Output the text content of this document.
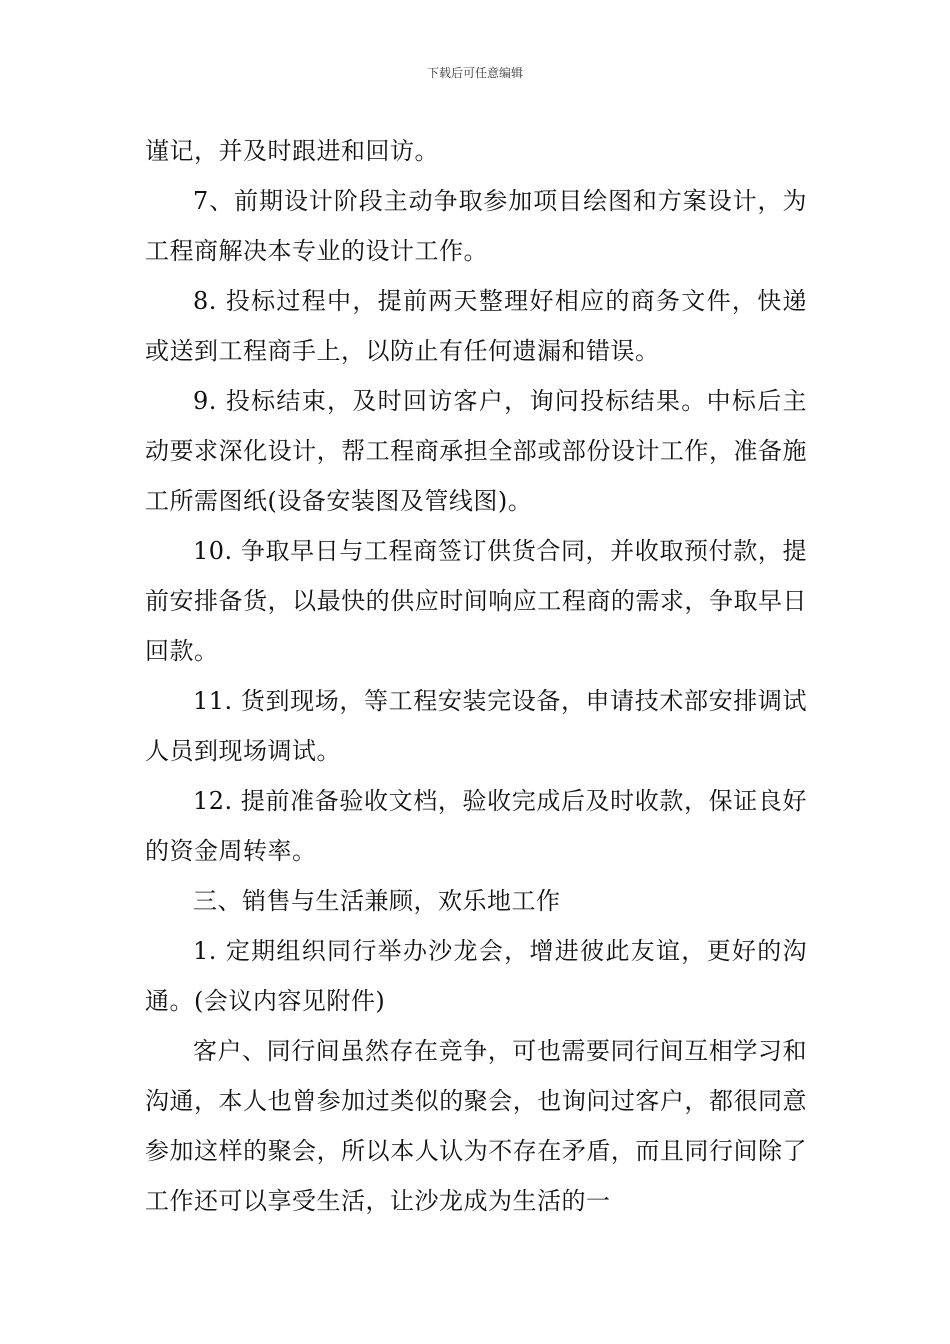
下载后可任意编辑

谨记，并及时跟进和回访。

7、前期设计阶段主动争取参加项目绘图和方案设计，为工程商解决本专业的设计工作。

8. 投标过程中，提前两天整理好相应的商务文件，快递或送到工程商手上，以防止有任何遗漏和错误。

9. 投标结束，及时回访客户，询问投标结果。中标后主动要求深化设计，帮工程商承担全部或部份设计工作，准备施工所需图纸(设备安装图及管线图)。

10. 争取早日与工程商签订供货合同，并收取预付款，提前安排备货，以最快的供应时间响应工程商的需求，争取早日回款。

11. 货到现场，等工程安装完设备，申请技术部安排调试人员到现场调试。

12. 提前准备验收文档，验收完成后及时收款，保证良好的资金周转率。

三、销售与生活兼顾，欢乐地工作

1. 定期组织同行举办沙龙会，增进彼此友谊，更好的沟通。(会议内容见附件)

客户、同行间虽然存在竞争，可也需要同行间互相学习和沟通，本人也曾参加过类似的聚会，也询问过客户，都很同意参加这样的聚会，所以本人认为不存在矛盾，而且同行间除了工作还可以享受生活，让沙龙成为生活的一
